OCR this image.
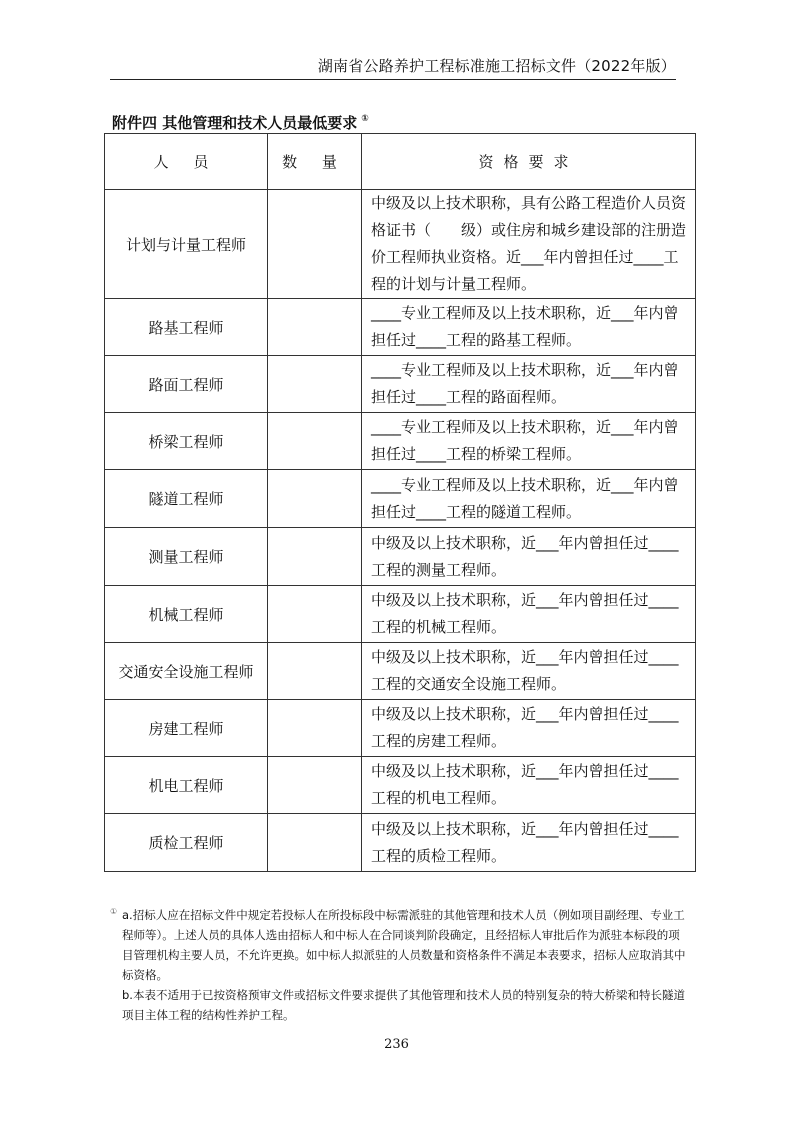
湖南省公路养护工程标准施工招标文件（2022年版）
附件四 其他管理和技术人员最低要求 ①
人 员	数 量	资格要求
计划与计量工程师		中级及以上技术职称，具有公路工程造价人员资格证书（　　级）或住房和城乡建设部的注册造价工程师执业资格。近___年内曾担任过____工程的计划与计量工程师。
路基工程师		____专业工程师及以上技术职称，近___年内曾担任过____工程的路基工程师。
路面工程师		____专业工程师及以上技术职称，近___年内曾担任过____工程的路面程师。
桥梁工程师		____专业工程师及以上技术职称，近___年内曾担任过____工程的桥梁工程师。
隧道工程师		____专业工程师及以上技术职称，近___年内曾担任过____工程的隧道工程师。
测量工程师		中级及以上技术职称，近___年内曾担任过____工程的测量工程师。
机械工程师		中级及以上技术职称，近___年内曾担任过____工程的机械工程师。
交通安全设施工程师		中级及以上技术职称，近___年内曾担任过____工程的交通安全设施工程师。
房建工程师		中级及以上技术职称，近___年内曾担任过____工程的房建工程师。
机电工程师		中级及以上技术职称，近___年内曾担任过____工程的机电工程师。
质检工程师		中级及以上技术职称，近___年内曾担任过____工程的质检工程师。
① a.招标人应在招标文件中规定若投标人在所投标段中标需派驻的其他管理和技术人员（例如项目副经理、专业工程师等）。上述人员的具体人选由招标人和中标人在合同谈判阶段确定，且经招标人审批后作为派驻本标段的项目管理机构主要人员，不允许更换。如中标人拟派驻的人员数量和资格条件不满足本表要求，招标人应取消其中标资格。
b.本表不适用于已按资格预审文件或招标文件要求提供了其他管理和技术人员的特别复杂的特大桥梁和特长隧道项目主体工程的结构性养护工程。
236
